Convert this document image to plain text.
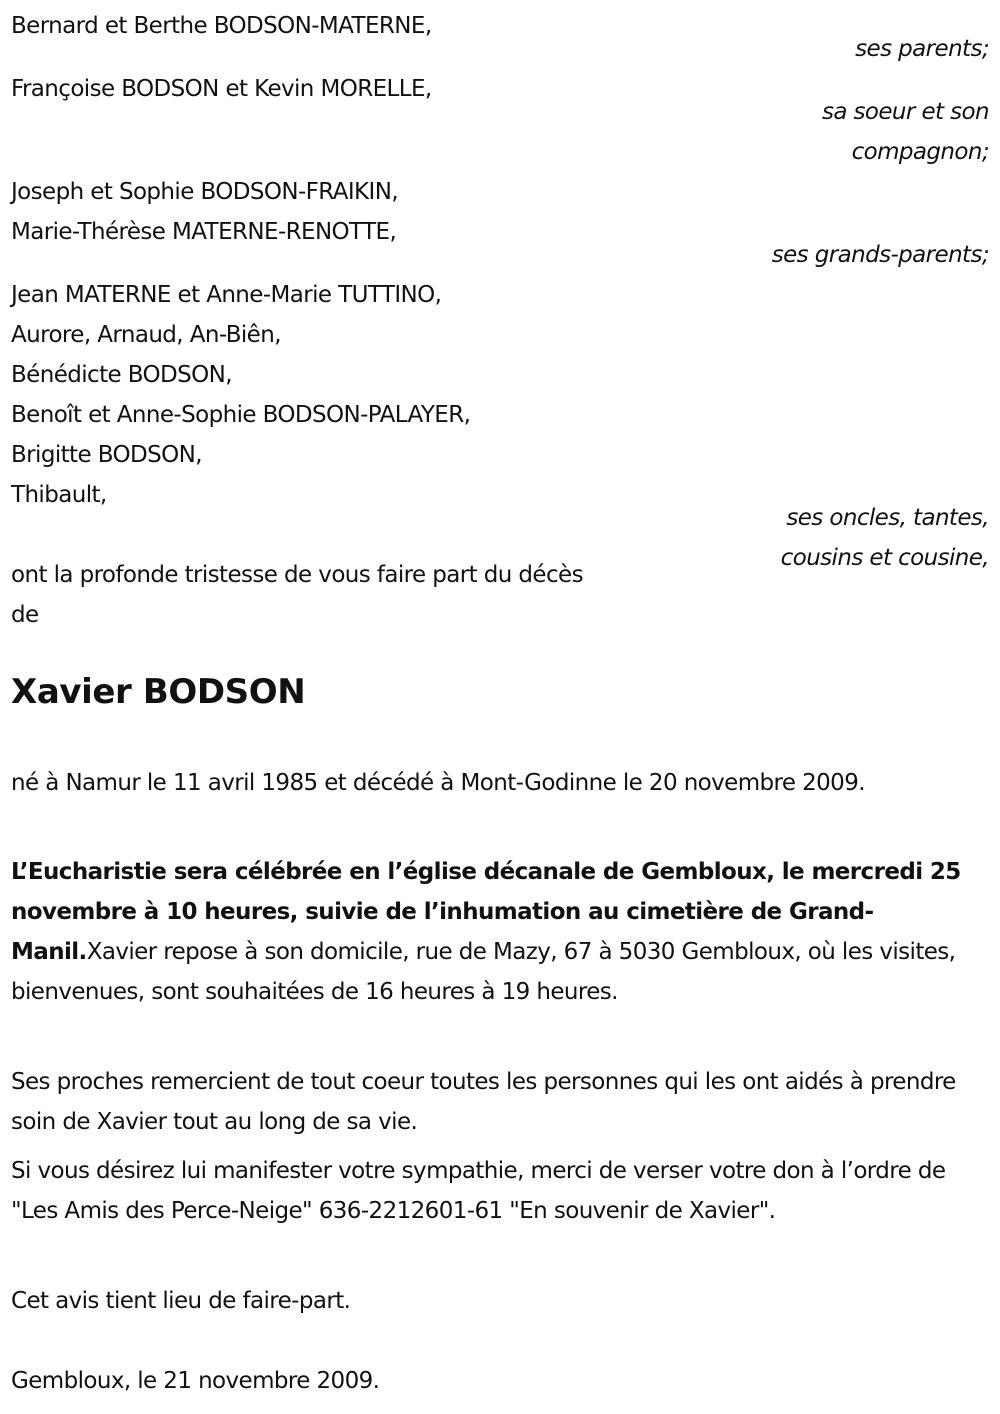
Bernard et Berthe BODSON-MATERNE,
ses parents;
Françoise BODSON et Kevin MORELLE,
sa soeur et son
compagnon;
Joseph et Sophie BODSON-FRAIKIN,
Marie-Thérèse MATERNE-RENOTTE,
ses grands-parents;
Jean MATERNE et Anne-Marie TUTTINO,
Aurore, Arnaud, An-Biên,
Bénédicte BODSON,
Benoît et Anne-Sophie BODSON-PALAYER,
Brigitte BODSON,
Thibault,
ses oncles, tantes,
cousins et cousine,
ont la profonde tristesse de vous faire part du décès
de
Xavier BODSON
né à Namur le 11 avril 1985 et décédé à Mont-Godinne le 20 novembre 2009.
L’Eucharistie sera célébrée en l’église décanale de Gembloux, le mercredi 25 novembre à 10 heures, suivie de l’inhumation au cimetière de Grand-Manil.Xavier repose à son domicile, rue de Mazy, 67 à 5030 Gembloux, où les visites, bienvenues, sont souhaitées de 16 heures à 19 heures.
Ses proches remercient de tout coeur toutes les personnes qui les ont aidés à prendre soin de Xavier tout au long de sa vie.
Si vous désirez lui manifester votre sympathie, merci de verser votre don à l’ordre de "Les Amis des Perce-Neige" 636-2212601-61 "En souvenir de Xavier".
Cet avis tient lieu de faire-part.
Gembloux, le 21 novembre 2009.
